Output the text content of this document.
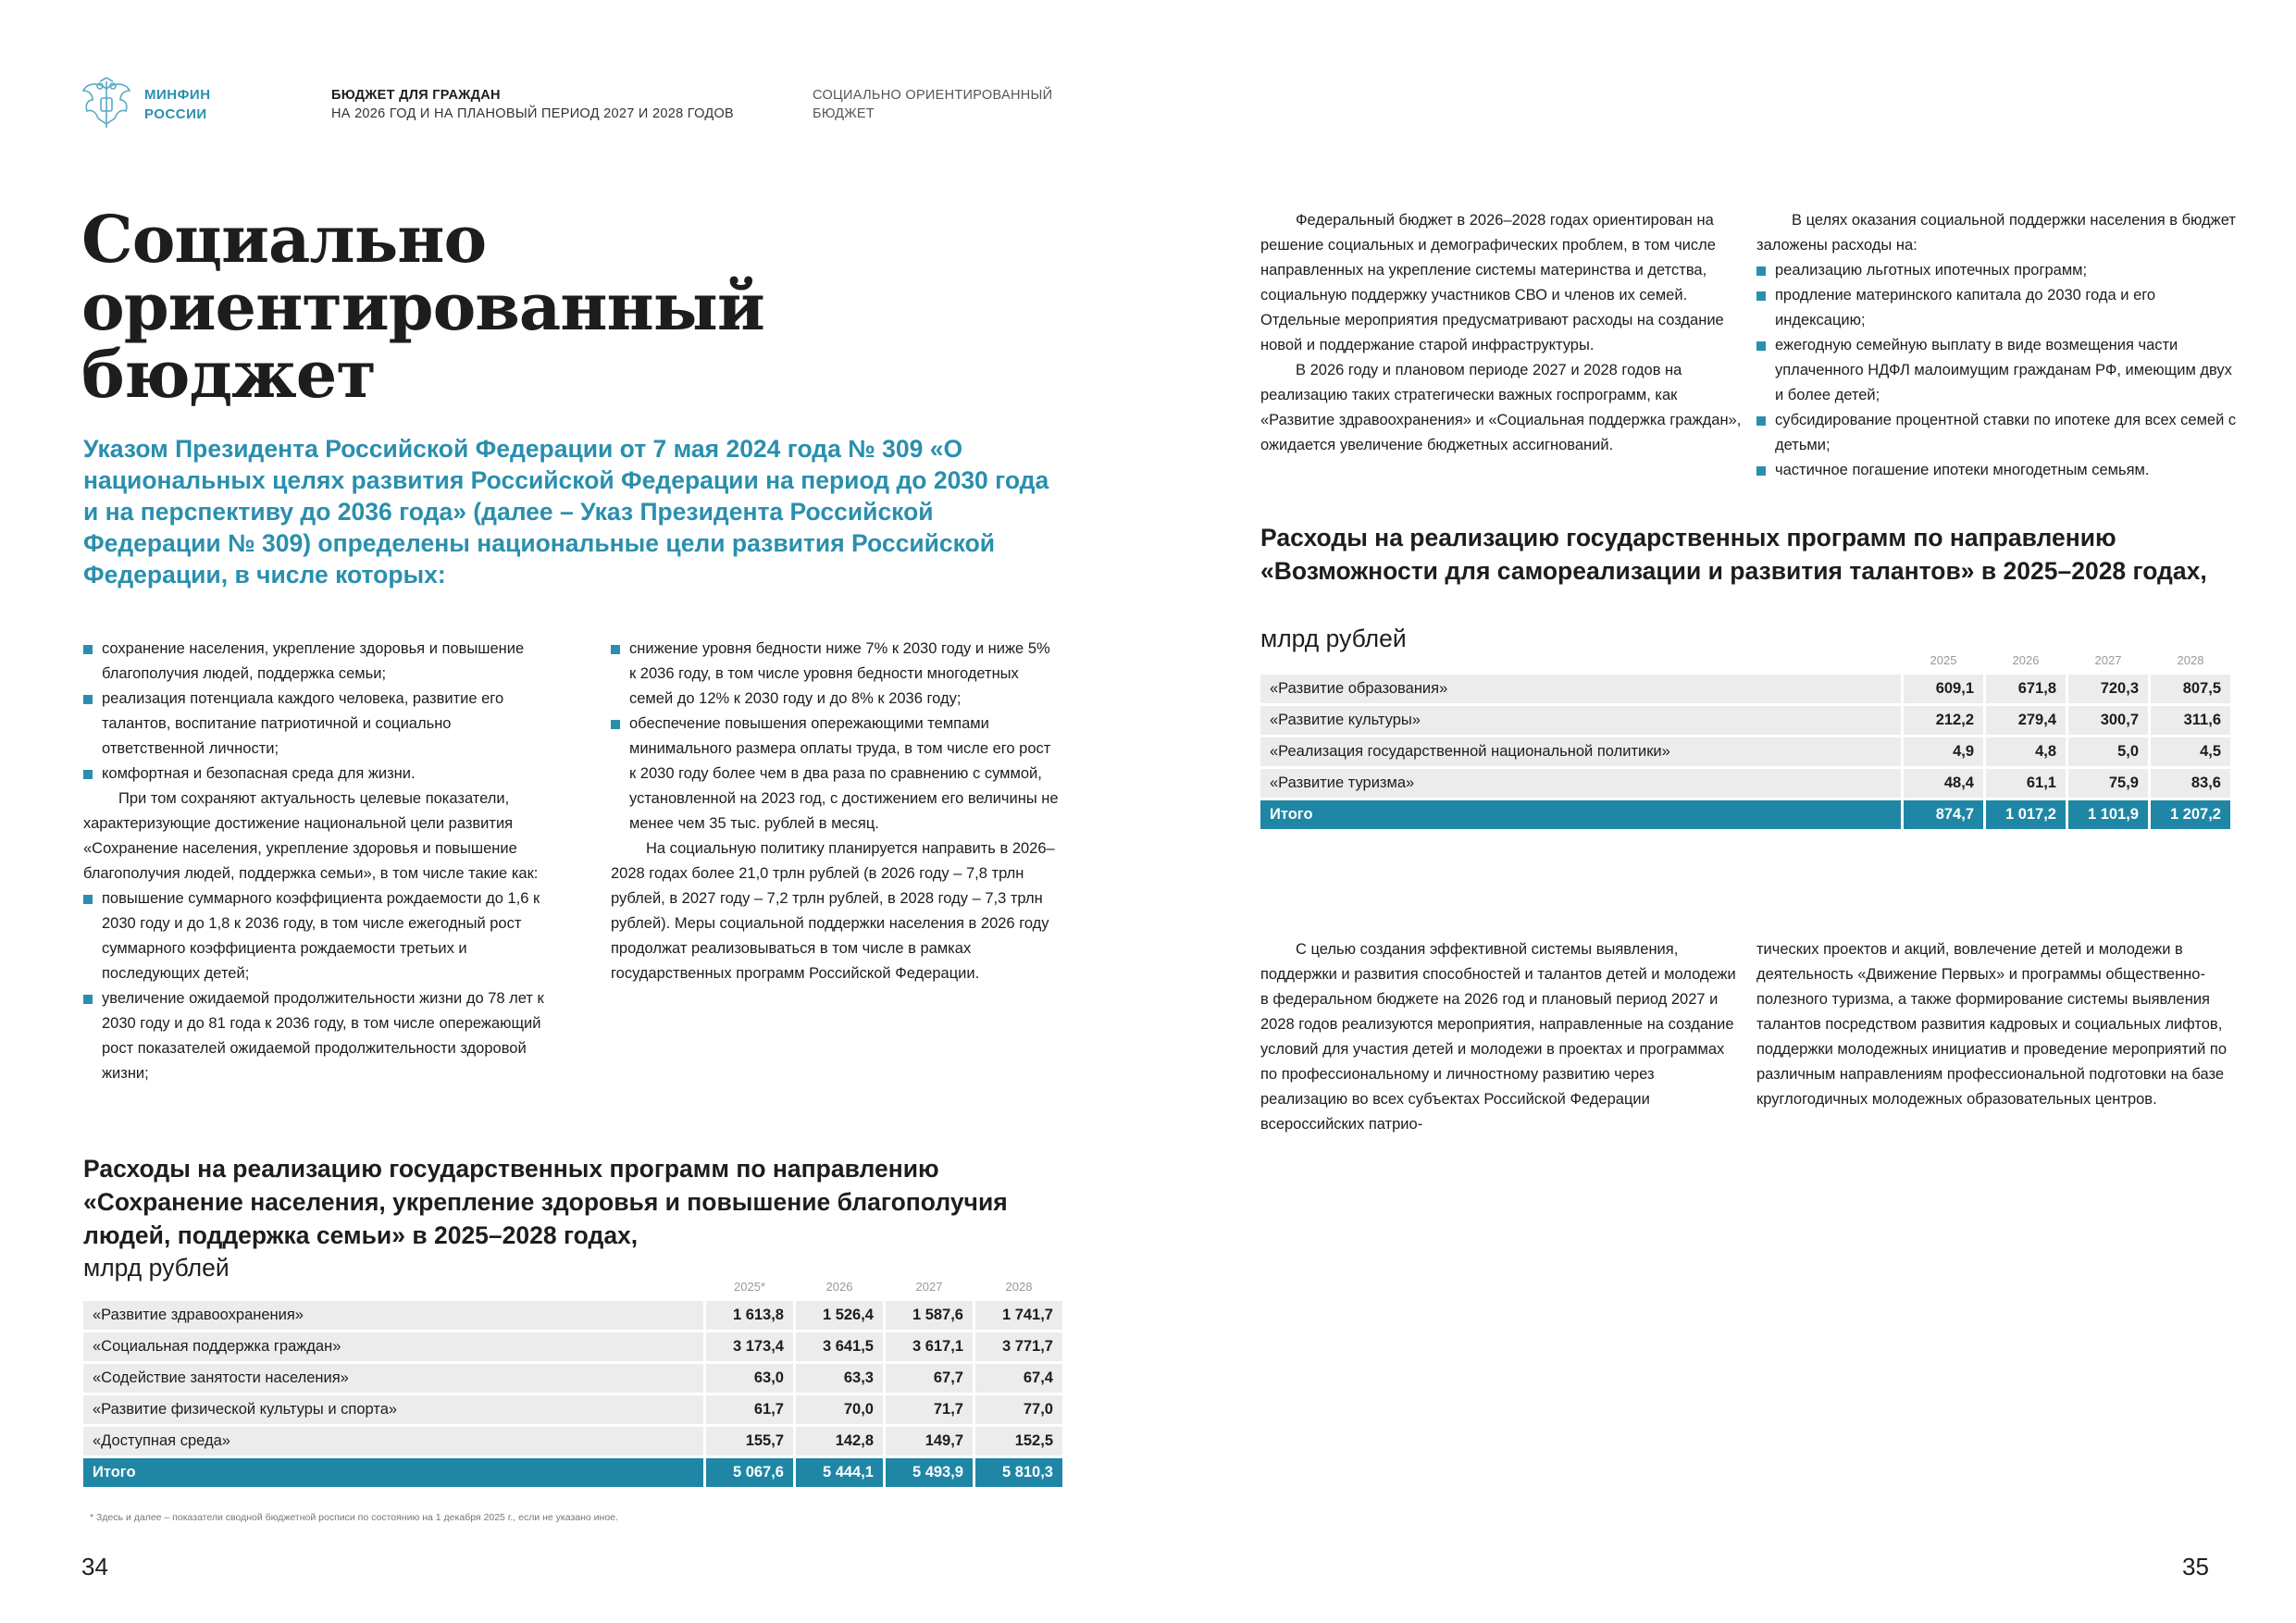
МИНФИН
РОССИИ
БЮДЖЕТ ДЛЯ ГРАЖДАН
НА 2026 ГОД И НА ПЛАНОВЫЙ ПЕРИОД 2027 И 2028 ГОДОВ
СОЦИАЛЬНО ОРИЕНТИРОВАННЫЙ
БЮДЖЕТ
Социально
ориентированный
бюджет
Указом Президента Российской Федерации от 7 мая 2024 года № 309 «О национальных целях развития Российской Федерации на период до 2030 года и на перспективу до 2036 года» (далее – Указ Президента Российской Федерации № 309) определены национальные цели развития Российской Федерации, в числе которых:

сохранение населения, укрепление здоровья и повышение благополучия людей, поддержка семьи;

реализация потенциала каждого человека, развитие его талантов, воспитание патриотичной и социально ответственной личности;

комфортная и безопасная среда для жизни.

При том сохраняют актуальность целевые показатели, характеризующие достижение национальной цели развития «Сохранение населения, укрепление здоровья и повышение благополучия людей, поддержка семьи», в том числе такие как:

повышение суммарного коэффициента рождаемости до 1,6 к 2030 году и до 1,8 к 2036 году, в том числе ежегодный рост суммарного коэффициента рождаемости третьих и последующих детей;

увеличение ожидаемой продолжительности жизни до 78 лет к 2030 году и до 81 года к 2036 году, в том числе опережающий рост показателей ожидаемой продолжительности здоровой жизни;

снижение уровня бедности ниже 7% к 2030 году и ниже 5% к 2036 году, в том числе уровня бедности многодетных семей до 12% к 2030 году и до 8% к 2036 году;

обеспечение повышения опережающими темпами минимального размера оплаты труда, в том числе его рост к 2030 году более чем в два раза по сравнению с суммой, установленной на 2023 год, с достижением его величины не менее чем 35 тыс. рублей в месяц.

На социальную политику планируется направить в 2026–2028 годах более 21,0 трлн рублей (в 2026 году – 7,8 трлн рублей, в 2027 году – 7,2 трлн рублей, в 2028 году – 7,3 трлн рублей). Меры социальной поддержки населения в 2026 году продолжат реализовываться в том числе в рамках государственных программ Российской Федерации.

Расходы на реализацию государственных программ по направлению «Сохранение населения, укрепление здоровья и повышение благополучия людей, поддержка семьи» в 2025–2028 годах,
млрд рублей
	2025*	2026	2027	2028
«Развитие здравоохранения»	1 613,8	1 526,4	1 587,6	1 741,7
«Социальная поддержка граждан»	3 173,4	3 641,5	3 617,1	3 771,7
«Содействие занятости населения»	63,0	63,3	67,7	67,4
«Развитие физической культуры и спорта»	61,7	70,0	71,7	77,0
«Доступная среда»	155,7	142,8	149,7	152,5
Итого	5 067,6	5 444,1	5 493,9	5 810,3
* Здесь и далее – показатели сводной бюджетной росписи по состоянию на 1 декабря 2025 г., если не указано иное.
34

Федеральный бюджет в 2026–2028 годах ориентирован на решение социальных и демографических проблем, в том числе направленных на укрепление системы материнства и детства, социальную поддержку участников СВО и членов их семей. Отдельные мероприятия предусматривают расходы на создание новой и поддержание старой инфраструктуры.

В 2026 году и плановом периоде 2027 и 2028 годов на реализацию таких стратегически важных госпрограмм, как «Развитие здравоохранения» и «Социальная поддержка граждан», ожидается увеличение бюджетных ассигнований.

В целях оказания социальной поддержки населения в бюджет заложены расходы на:

реализацию льготных ипотечных программ;

продление материнского капитала до 2030 года и его индексацию;

ежегодную семейную выплату в виде возмещения части уплаченного НДФЛ малоимущим гражданам РФ, имеющим двух и более детей;

субсидирование процентной ставки по ипотеке для всех семей с детьми;

частичное погашение ипотеки многодетным семьям.

Расходы на реализацию государственных программ по направлению «Возможности для самореализации и развития талантов» в 2025–2028 годах,
млрд рублей
	2025	2026	2027	2028
«Развитие образования»	609,1	671,8	720,3	807,5
«Развитие культуры»	212,2	279,4	300,7	311,6
«Реализация государственной национальной политики»	4,9	4,8	5,0	4,5
«Развитие туризма»	48,4	61,1	75,9	83,6
Итого	874,7	1 017,2	1 101,9	1 207,2

С целью создания эффективной системы выявления, поддержки и развития способностей и талантов детей и молодежи в федеральном бюджете на 2026 год и плановый период 2027 и 2028 годов реализуются мероприятия, направленные на создание условий для участия детей и молодежи в проектах и программах по профессиональному и личностному развитию через реализацию во всех субъектах Российской Федерации всероссийских патрио-

тических проектов и акций, вовлечение детей и молодежи в деятельность «Движение Первых» и программы общественно-полезного туризма, а также формирование системы выявления талантов посредством развития кадровых и социальных лифтов, поддержки молодежных инициатив и проведение мероприятий по различным направлениям профессиональной подготовки на базе круглогодичных молодежных образовательных центров.

35
